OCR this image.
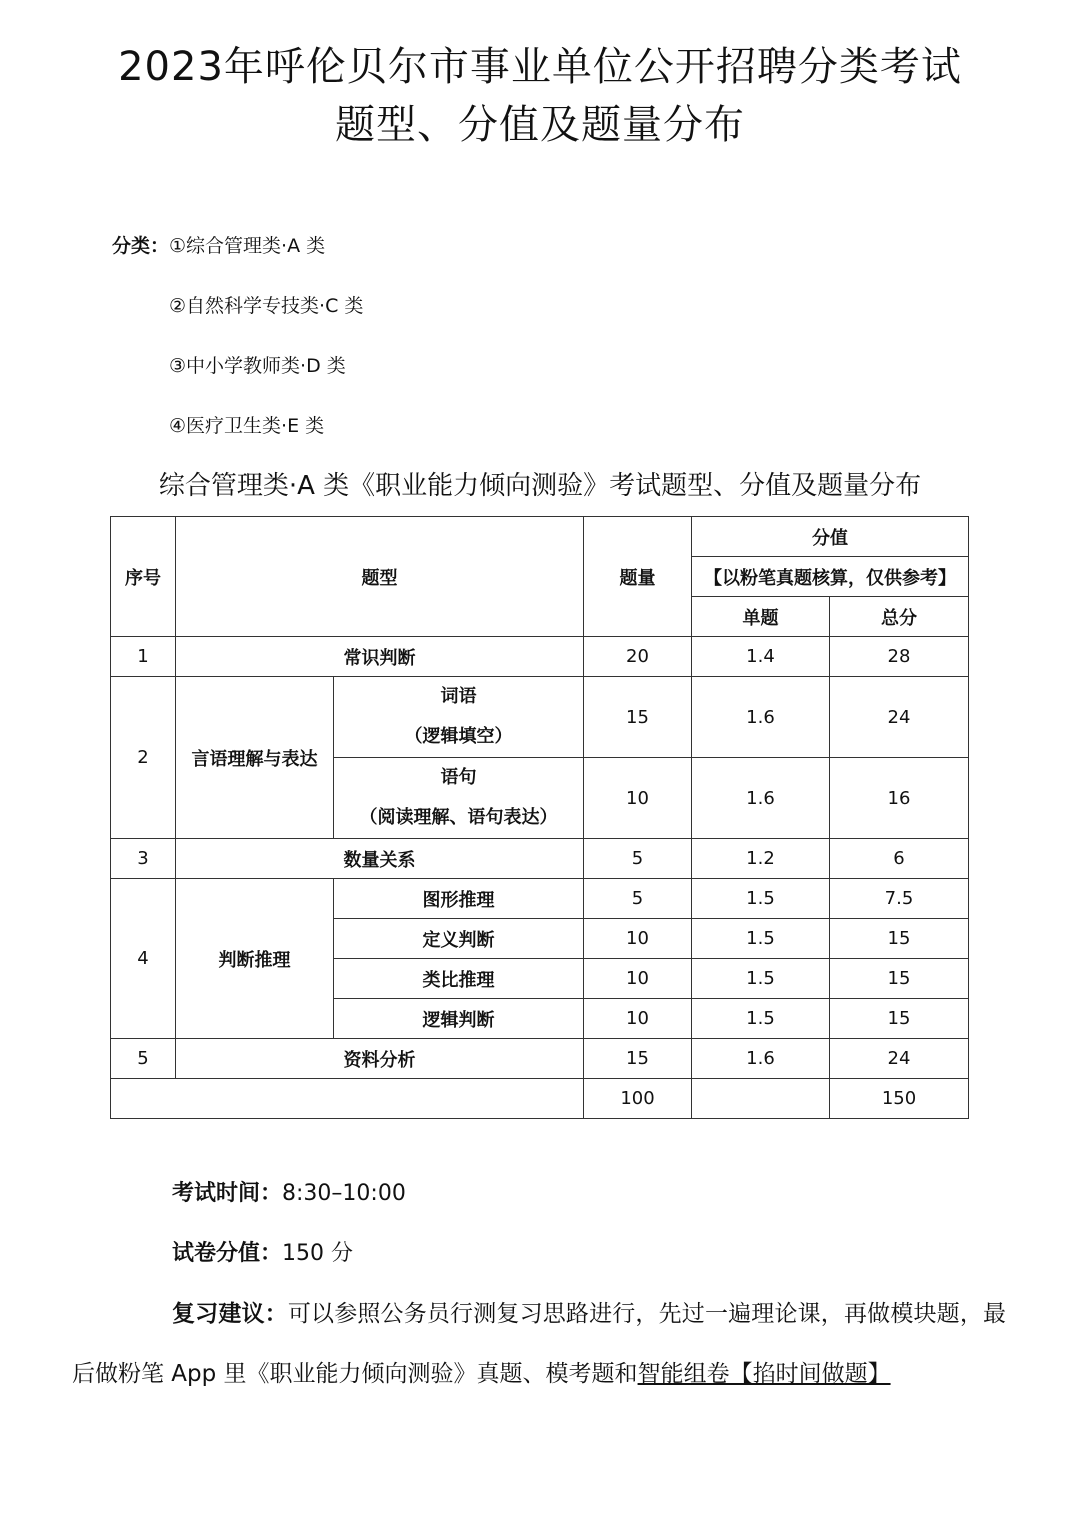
2023年呼伦贝尔市事业单位公开招聘分类考试
题型、分值及题量分布
分类：①综合管理类·A 类
②自然科学专技类·C 类
③中小学教师类·D 类
④医疗卫生类·E 类
综合管理类·A 类《职业能力倾向测验》考试题型、分值及题量分布
序号	题型		题量	分值	
				【以粉笔真题核算，仅供参考】	
				单题	总分
1	常识判断		20	1.4	28
2	言语理解与表达	词语
（逻辑填空）	15	1.6	24

		语句
（阅读理解、语句表达）	10	1.6	16
3	数量关系		5	1.2	6
4	判断推理	图形推理	5	1.5	7.5
		定义判断	10	1.5	15
		类比推理	10	1.5	15
		逻辑判断	10	1.5	15
5	资料分析		15	1.6	24
			100		150
考试时间：8:30–10:00
试卷分值：150 分
复习建议：可以参照公务员行测复习思路进行，先过一遍理论课，再做模块题，最后做粉笔 App 里《职业能力倾向测验》真题、模考题和智能组卷【掐时间做题】
